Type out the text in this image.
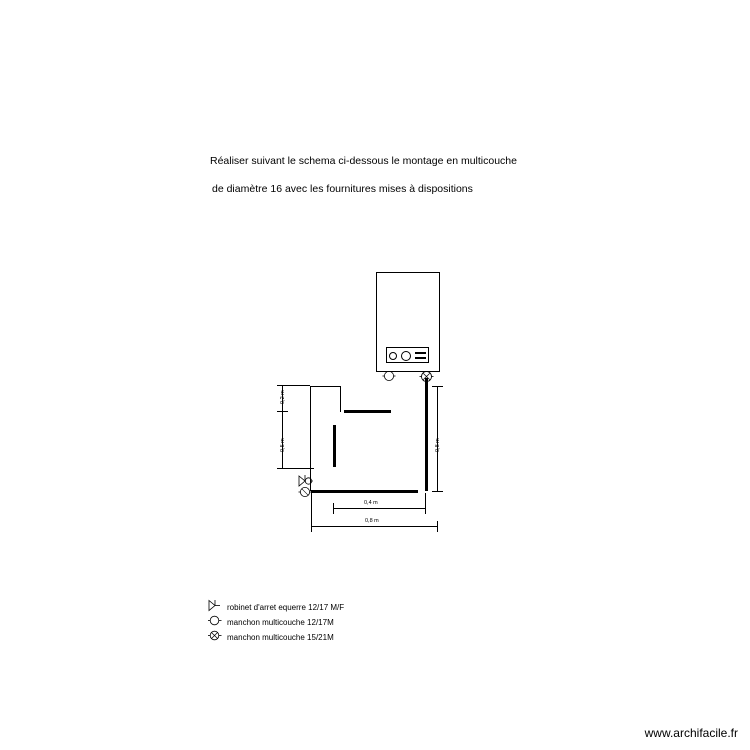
Réaliser suivant le schema ci-dessous le montage en multicouche

de diamètre 16 avec les fournitures mises à dispositions

0,2 m
0,5 m	0,8 m
0,4 m
0,8 m
robinet d'arret equerre 12/17 M/F
manchon multicouche 12/17M
manchon multicouche 15/21M
www.archifacile.fr
